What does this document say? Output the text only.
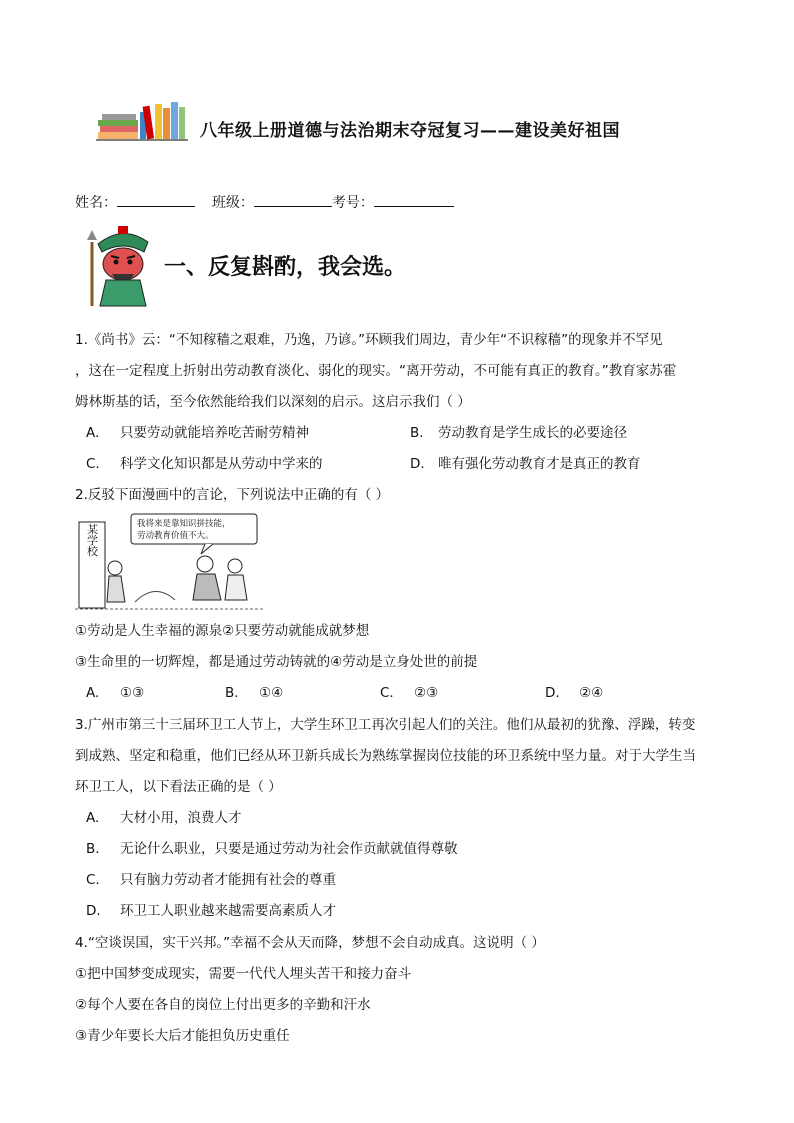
八年级上册道德与法治期末夺冠复习——建设美好祖国
姓名：	班级：	考号：
一、反复斟酌，我会选。
1.《尚书》云：“不知稼穑之艰难，乃逸，乃谚。”环顾我们周边，青少年“不识稼穑”的现象并不罕见
，这在一定程度上折射出劳动教育淡化、弱化的现实。“离开劳动，不可能有真正的教育。”教育家苏霍
姆林斯基的话，至今依然能给我们以深刻的启示。这启示我们（ ）
A. 只要劳动就能培养吃苦耐劳精神	B. 劳动教育是学生成长的必要途径
C. 科学文化知识都是从劳动中学来的	D. 唯有强化劳动教育才是真正的教育
2.反驳下面漫画中的言论，下列说法中正确的有（ ）
某学校	我将来是靠知识拼技能，
劳动教育价值不大。
①劳动是人生幸福的源泉②只要劳动就能成就梦想
③生命里的一切辉煌，都是通过劳动铸就的④劳动是立身处世的前提
A. ①③	B. ①④	C. ②③	D. ②④
3.广州市第三十三届环卫工人节上，大学生环卫工再次引起人们的关注。他们从最初的犹豫、浮躁，转变
到成熟、坚定和稳重，他们已经从环卫新兵成长为熟练掌握岗位技能的环卫系统中坚力量。对于大学生当
环卫工人，以下看法正确的是（ ）
A. 大材小用，浪费人才
B. 无论什么职业，只要是通过劳动为社会作贡献就值得尊敬
C. 只有脑力劳动者才能拥有社会的尊重
D. 环卫工人职业越来越需要高素质人才
4.“空谈误国，实干兴邦。”幸福不会从天而降，梦想不会自动成真。这说明（ ）
①把中国梦变成现实，需要一代代人埋头苦干和接力奋斗
②每个人要在各自的岗位上付出更多的辛勤和汗水
③青少年要长大后才能担负历史重任
